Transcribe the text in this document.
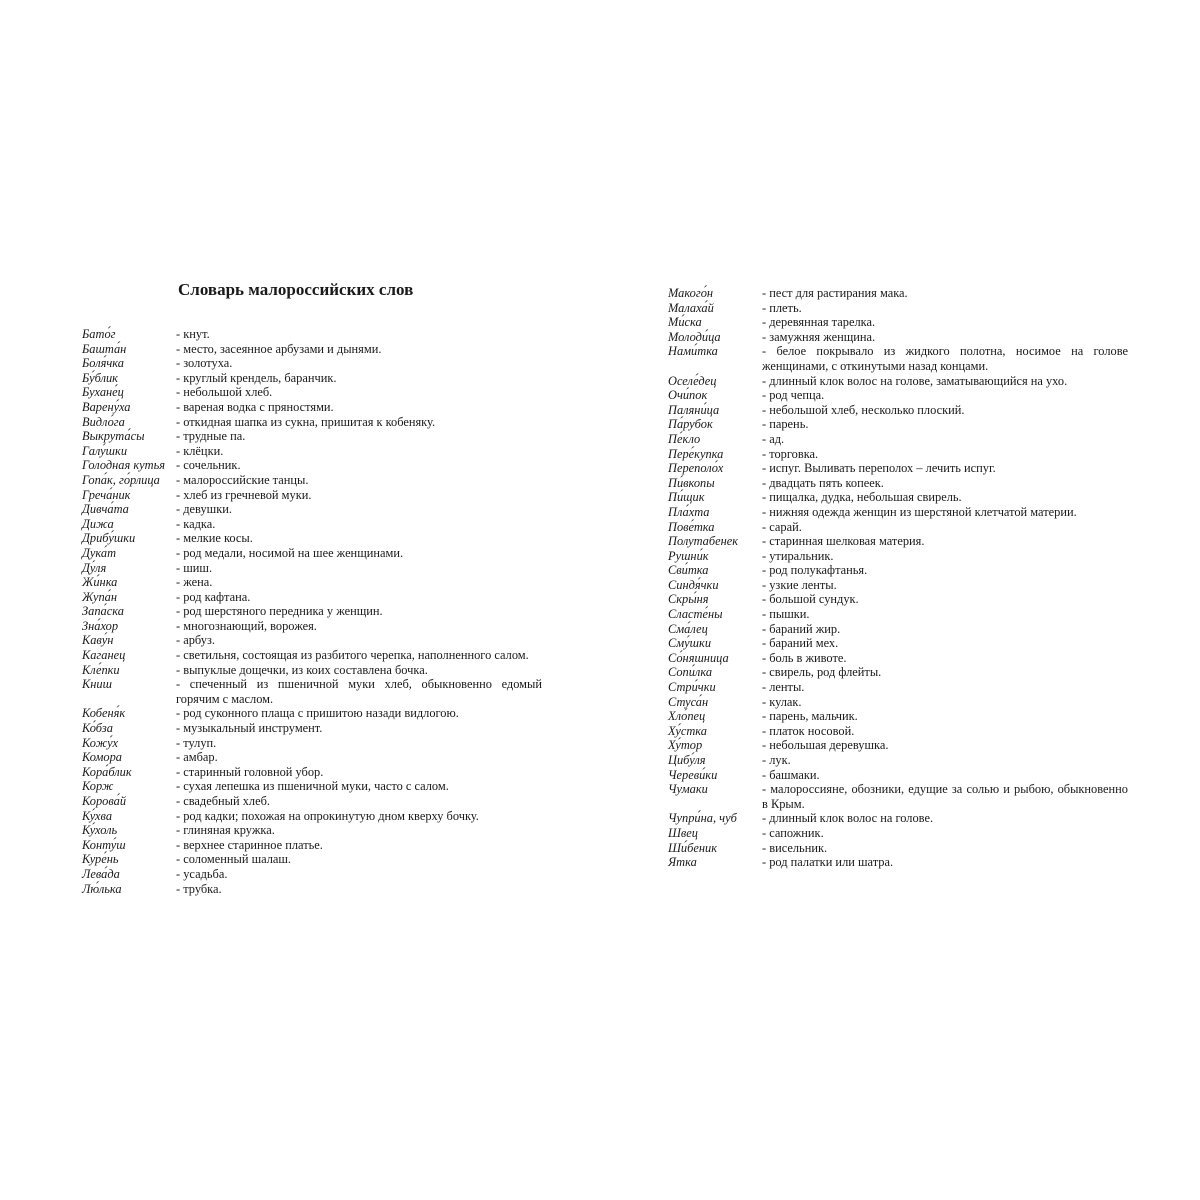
Словарь малороссийских слов
Бато́г	- кнут.
Башта́н	- место, засеянное арбузами и дынями.
Боля́чка	- золотуха.
Бу́блик	- круглый крендель, баранчик.
Бухане́ц	- небольшой хлеб.
Варену́ха	- вареная водка с пряностями.
Видло́га	- откидная шапка из сукна, пришитая к кобеняку.
Выкрута́сы	- трудные па.
Галу́шки	- клёцки.
Голодная кутья	- сочельник.
Гопа́к, го́рлица	- малороссийские танцы.
Греча́ник	- хлеб из гречневой муки.
Дивча́та	- девушки.
Дижа	- кадка.
Дрибу́шки	- мелкие косы.
Дука́т	- род медали, носимой на шее женщинами.
Ду́ля	- шиш.
Жи́нка	- жена.
Жупа́н	- род кафтана.
Запа́ска	- род шерстяного передника у женщин.
Зна́хор	- многознающий, ворожея.
Каву́н	- арбуз.
Каганец	- светильня, состоящая из разбитого черепка, наполненного салом.
Кле́пки	- выпуклые дощечки, из коих составлена бочка.
Книш	- спеченный из пшеничной муки хлеб, обыкновенно едомый горячим с маслом.
Кобеня́к	- род суконного плаща с пришитою назади видлогою.
Ко́бза	- музыкальный инструмент.
Кожу́х	- тулуп.
Комора	- амбар.
Кора́блик	- старинный головной убор.
Корж	- сухая лепешка из пшеничной муки, часто с салом.
Корова́й	- свадебный хлеб.
Ку́хва	- род кадки; похожая на опрокинутую дном кверху бочку.
Ку́холь	- глиняная кружка.
Конту́ш	- верхнее старинное платье.
Куре́нь	- соломенный шалаш.
Лева́да	- усадьба.
Лю́лька	- трубка.
Макого́н	- пест для растирания мака.
Малаха́й	- плеть.
Ми́ска	- деревянная тарелка.
Молоди́ца	- замужняя женщина.
Нами́тка	- белое покрывало из жидкого полотна, носимое на голове женщинами, с откинутыми назад концами.
Оселе́дец	- длинный клок волос на голове, заматывающийся на ухо.
Очи́пок	- род чепца.
Паляни́ца	- небольшой хлеб, несколько плоский.
Па́рубок	- парень.
Пе́кло	- ад.
Пере́купка	- торговка.
Переполо́х	- испуг. Выливать переполох – лечить испуг.
Пи́вкопы	- двадцать пять копеек.
Пи́щик	- пищалка, дудка, небольшая свирель.
Пла́хта	- нижняя одежда женщин из шерстяной клетчатой материи.
Пове́тка	- сарай.
Полутабенек	- старинная шелковая материя.
Рушни́к	- утиральник.
Сви́тка	- род полукафтанья.
Синдя́чки	- узкие ленты.
Скры́ня	- большой сундук.
Сласте́ны	- пышки.
Сма́лец	- бараний жир.
Сму́шки	- бараний мех.
Со́няшница	- боль в животе.
Сопи́лка	- свирель, род флейты.
Стри́чки	- ленты.
Стуса́н	- кулак.
Хло́пец	- парень, мальчик.
Ху́стка	- платок носовой.
Ху́тор	- небольшая деревушка.
Цибу́ля	- лук.
Череви́ки	- башмаки.
Чумаки	- малороссияне, обозники, едущие за солью и рыбою, обыкновенно в Крым.
Чупри́на, чуб	- длинный клок волос на голове.
Швец	- сапожник.
Ши́беник	- висельник.
Ятка	- род палатки или шатра.
